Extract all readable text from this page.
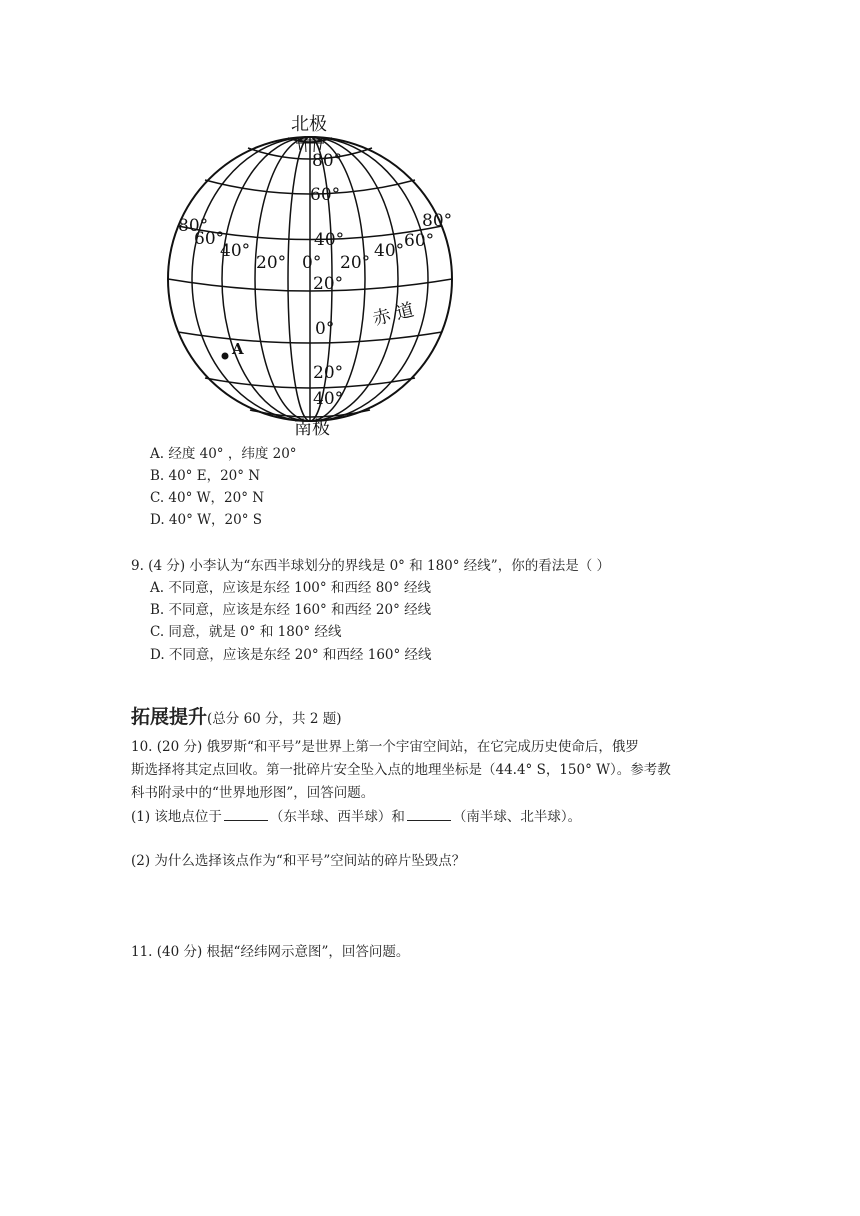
A
北极
南极
赤 道
80°
60°
40°
20°
0°
20°
40°
80°
60°
40°
20° 0° 20°
40° 60°
80°
A. 经度 40° ，纬度 20°
B. 40° E，20° N
C. 40° W，20° N
D. 40° W，20° S
9. (4 分) 小李认为“东西半球划分的界线是 0° 和 180° 经线”，你的看法是（ ）
A. 不同意，应该是东经 100° 和西经 80° 经线
B. 不同意，应该是东经 160° 和西经 20° 经线
C. 同意，就是 0° 和 180° 经线
D. 不同意，应该是东经 20° 和西经 160° 经线
拓展提升(总分 60 分，共 2 题)
10. (20 分) 俄罗斯“和平号”是世界上第一个宇宙空间站，在它完成历史使命后，俄罗
斯选择将其定点回收。第一批碎片安全坠入点的地理坐标是（44.4° S，150° W）。参考教
科书附录中的“世界地形图”，回答问题。
(1) 该地点位于	（东半球、西半球）和	（南半球、北半球）。
(2) 为什么选择该点作为“和平号”空间站的碎片坠毁点？
11. (40 分) 根据“经纬网示意图”，回答问题。
